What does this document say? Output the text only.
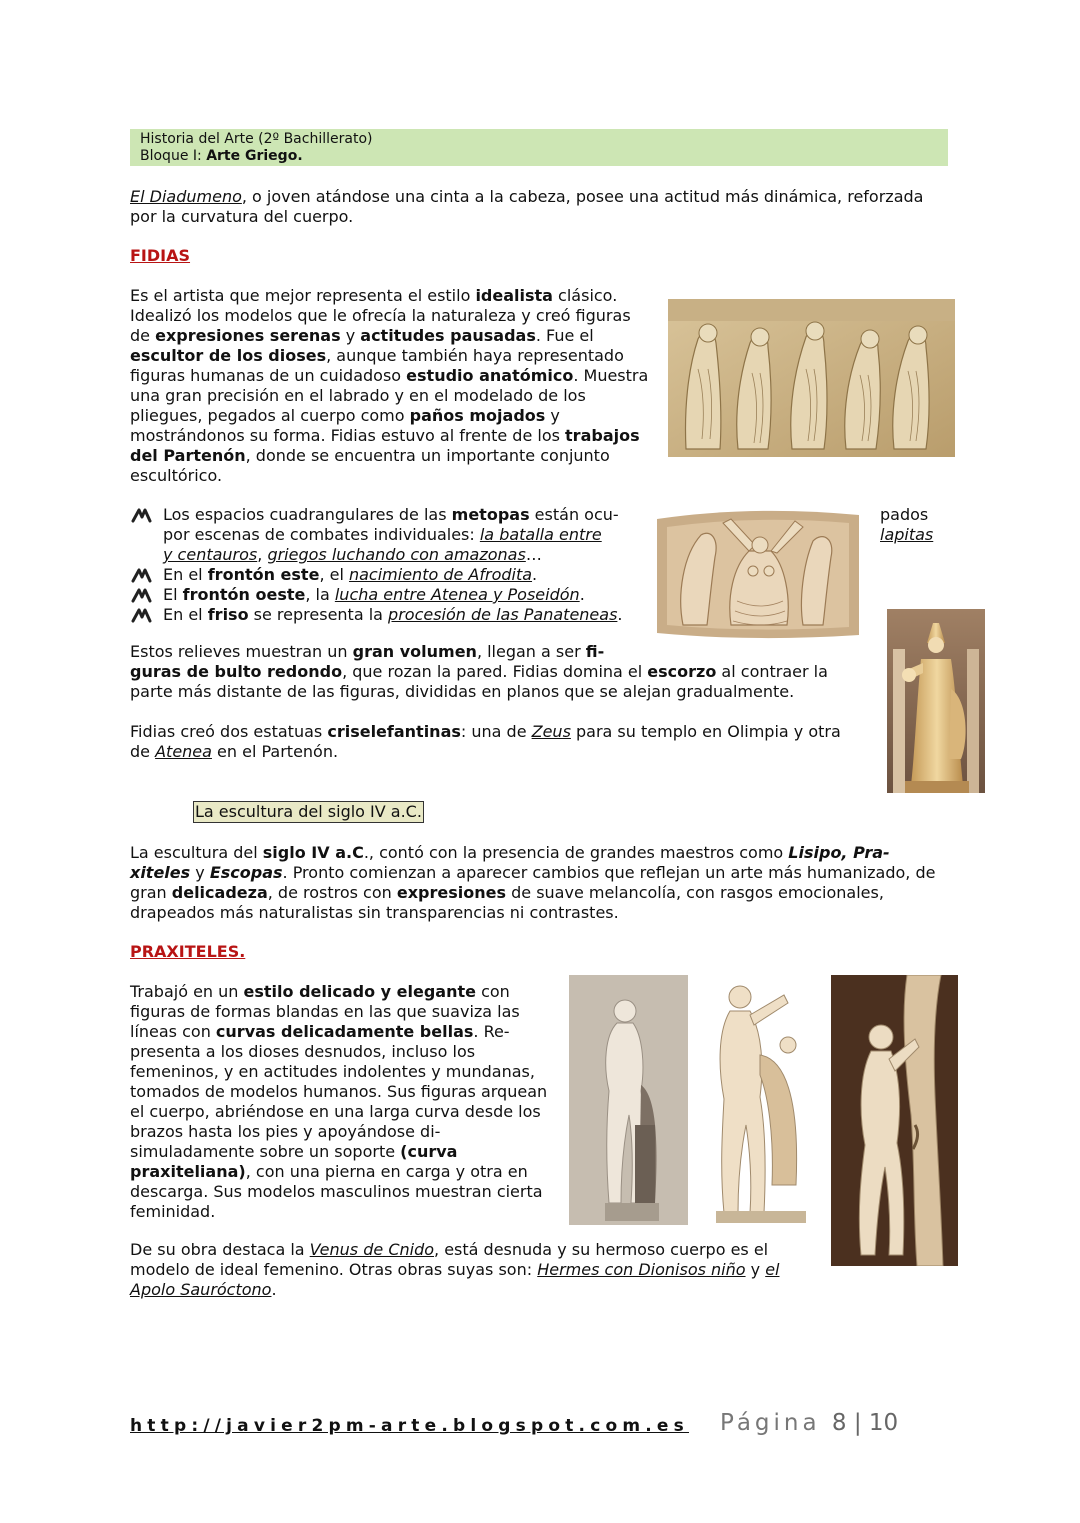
Historia del Arte (2º Bachillerato)
Bloque I: Arte Griego.

El Diadumeno, o joven atándose una cinta a la cabeza, posee una actitud más dinámica, reforzada por la curvatura del cuerpo.

FIDIAS

Es el artista que mejor representa el estilo idealista clásico. Idealizó los modelos que le ofrecía la naturaleza y creó figuras de expresiones serenas y actitudes pausadas. Fue el escultor de los dioses, aunque también haya representado figuras humanas de un cuidadoso estudio anatómico. Muestra una gran precisión en el labrado y en el modelado de los pliegues, pegados al cuerpo como paños mojados y mostrándonos su forma. Fidias estuvo al frente de los trabajos del Partenón, donde se encuentra un importante conjunto escultórico.

Los espacios cuadrangulares de las metopas están ocu-
por escenas de combates individuales: la batalla entre
y centauros, griegos luchando con amazonas…
En el frontón este, el nacimiento de Afrodita.
El frontón oeste, la lucha entre Atenea y Poseidón.
En el friso se representa la procesión de las Panateneas.

pados

lapitas

Estos relieves muestran un gran volumen, llegan a ser fi-
guras de bulto redondo, que rozan la pared. Fidias domina el escorzo al contraer la
parte más distante de las figuras, divididas en planos que se alejan gradualmente.

Fidias creó dos estatuas criselefantinas: una de Zeus para su templo en Olimpia y otra
de Atenea en el Partenón.

La escultura del siglo IV a.C.

La escultura del siglo IV a.C., contó con la presencia de grandes maestros como Lisipo, Pra-xiteles y Escopas. Pronto comienzan a aparecer cambios que reflejan un arte más humanizado, de gran delicadeza, de rostros con expresiones de suave melancolía, con rasgos emocionales, drapeados más naturalistas sin transparencias ni contrastes.

PRAXITELES.

Trabajó en un estilo delicado y elegante con figuras de formas blandas en las que suaviza las líneas con curvas delicadamente bellas. Re-presenta a los dioses desnudos, incluso los femeninos, y en actitudes indolentes y mundanas, tomados de modelos humanos. Sus figuras arquean el cuerpo, abriéndose en una larga curva desde los brazos hasta los pies y apoyándose di-simuladamente sobre un soporte (curva praxiteliana), con una pierna en carga y otra en descarga. Sus modelos masculinos muestran cierta feminidad.

De su obra destaca la Venus de Cnido, está desnuda y su hermoso cuerpo es el modelo de ideal femenino. Otras obras suyas son: Hermes con Dionisos niño y el Apolo Sauróctono.

http://javier2pm-arte.blogspot.com.es Página 8 | 10
